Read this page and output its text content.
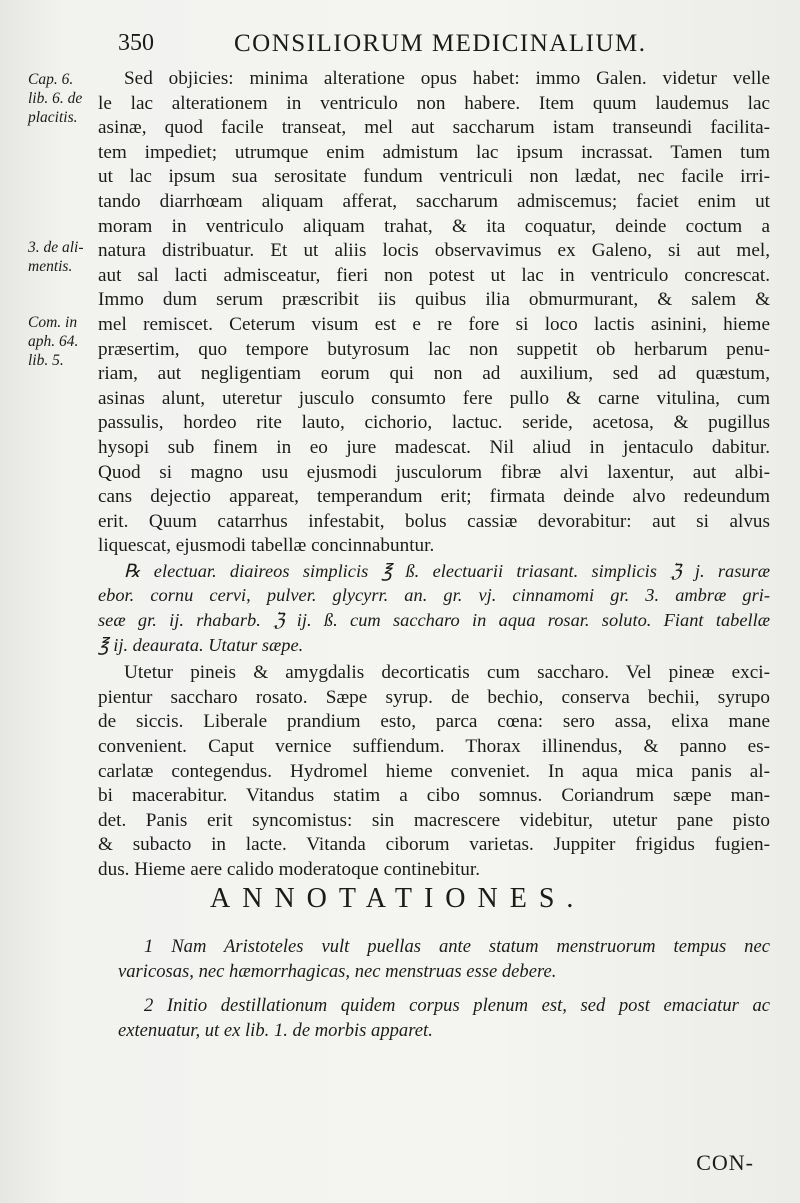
350	CONSILIORUM MEDICINALIUM.
Cap. 6.
lib. 6. de
placitis.
3. de ali-
mentis.
Com. in
aph. 64.
lib. 5.
Sed objicies: minima alteratione opus habet: immo Galen. videtur velle
le lac alterationem in ventriculo non habere. Item quum laudemus lac
asinæ, quod facile transeat, mel aut saccharum istam transeundi facilita-
tem impediet; utrumque enim admistum lac ipsum incrassat. Tamen tum
ut lac ipsum sua serositate fundum ventriculi non lædat, nec facile irri-
tando diarrhœam aliquam afferat, saccharum admiscemus; faciet enim ut
moram in ventriculo aliquam trahat, & ita coquatur, deinde coctum a
natura distribuatur. Et ut aliis locis observavimus ex Galeno, si aut mel,
aut sal lacti admisceatur, fieri non potest ut lac in ventriculo concrescat.
Immo dum serum præscribit iis quibus ilia obmurmurant, & salem &
mel remiscet. Ceterum visum est e re fore si loco lactis asinini, hieme
præsertim, quo tempore butyrosum lac non suppetit ob herbarum penu-
riam, aut negligentiam eorum qui non ad auxilium, sed ad quæstum,
asinas alunt, uteretur jusculo consumto fere pullo & carne vitulina, cum
passulis, hordeo rite lauto, cichorio, lactuc. seride, acetosa, & pugillus
hysopi sub finem in eo jure madescat. Nil aliud in jentaculo dabitur.
Quod si magno usu ejusmodi jusculorum fibræ alvi laxentur, aut albi-
cans dejectio appareat, temperandum erit; firmata deinde alvo redeundum
erit. Quum catarrhus infestabit, bolus cassiæ devorabitur: aut si alvus
liquescat, ejusmodi tabellæ concinnabuntur.
℞ electuar. diaireos simplicis ℥ ß. electuarii triasant. simplicis ℨ j. rasuræ
ebor. cornu cervi, pulver. glycyrr. an. gr. vj. cinnamomi gr. 3. ambræ gri-
seæ gr. ij. rhabarb. ℨ ij. ß. cum saccharo in aqua rosar. soluto. Fiant tabellæ
℥ ij. deaurata. Utatur sæpe.
Utetur pineis & amygdalis decorticatis cum saccharo. Vel pineæ exci-
pientur saccharo rosato. Sæpe syrup. de bechio, conserva bechii, syrupo
de siccis. Liberale prandium esto, parca cœna: sero assa, elixa mane
convenient. Caput vernice suffiendum. Thorax illinendus, & panno es-
carlatæ contegendus. Hydromel hieme conveniet. In aqua mica panis al-
bi macerabitur. Vitandus statim a cibo somnus. Coriandrum sæpe man-
det. Panis erit syncomistus: sin macrescere videbitur, utetur pane pisto
& subacto in lacte. Vitanda ciborum varietas. Juppiter frigidus fugien-
dus. Hieme aere calido moderatoque continebitur.
ANNOTATIONES.
1 Nam Aristoteles vult puellas ante statum menstruorum tempus nec
varicosas, nec hæmorrhagicas, nec menstruas esse debere.
2 Initio destillationum quidem corpus plenum est, sed post emaciatur ac
extenuatur, ut ex lib. 1. de morbis apparet.
CON-
